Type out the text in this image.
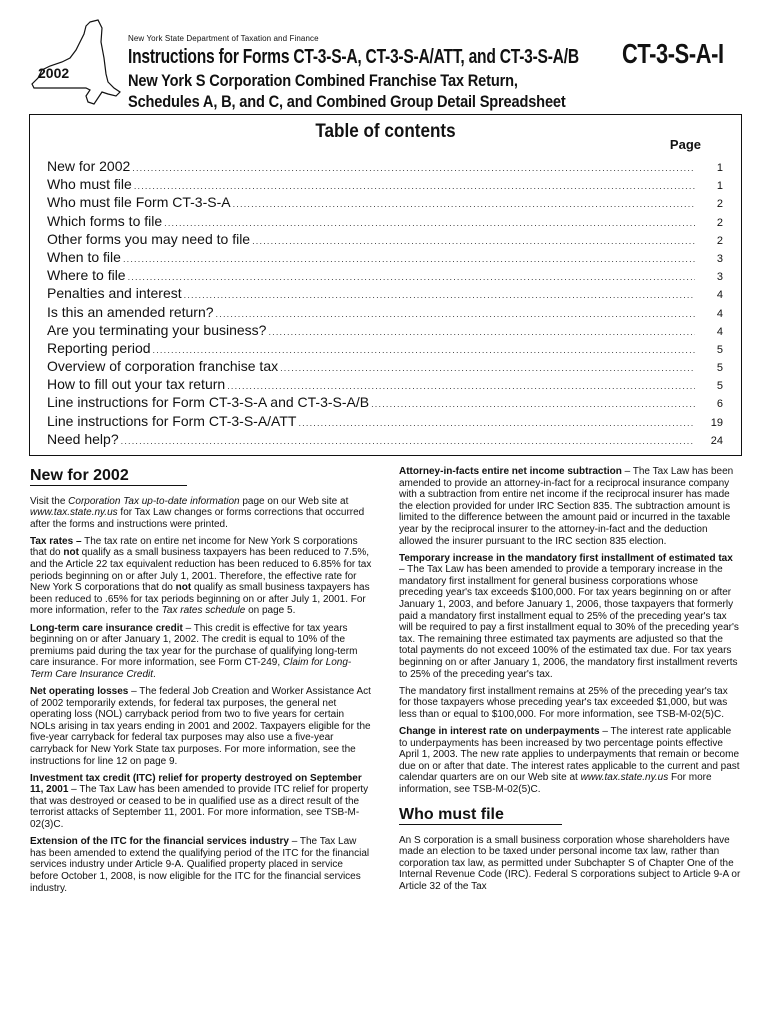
2002
New York State Department of Taxation and Finance	CT-3-S-A-I
Instructions for Forms CT-3-S-A, CT-3-S-A/ATT, and CT-3-S-A/B
New York S Corporation Combined Franchise Tax Return,
Schedules A, B, and C, and Combined Group Detail Spreadsheet
Table of contents
Page
New for 2002 .....	1
Who must file .....	1
Who must file Form CT-3-S-A .....	2
Which forms to file .....	2
Other forms you may need to file .....	2
When to file .....	3
Where to file .....	3
Penalties and interest .....	4
Is this an amended return? .....	4
Are you terminating your business? .....	4
Reporting period .....	5
Overview of corporation franchise tax .....	5
How to fill out your tax return .....	5
Line instructions for Form CT-3-S-A and CT-3-S-A/B .....	6
Line instructions for Form CT-3-S-A/ATT .....	19
Need help? .....	24
New for 2002

Visit the Corporation Tax up-to-date information page on our Web site at www.tax.state.ny.us for Tax Law changes or forms corrections that occurred after the forms and instructions were printed.

Tax rates – The tax rate on entire net income for New York S corporations that do not qualify as a small business taxpayers has been reduced to 7.5%, and the Article 22 tax equivalent reduction has been reduced to 6.85% for tax periods beginning on or after July 1, 2001. Therefore, the effective rate for New York S corporations that do not qualify as small business taxpayers has been reduced to .65% for tax periods beginning on or after July 1, 2001. For more information, refer to the Tax rates schedule on page 5.

Long-term care insurance credit – This credit is effective for tax years beginning on or after January 1, 2002. The credit is equal to 10% of the premiums paid during the tax year for the purchase of qualifying long-term care insurance. For more information, see Form CT-249, Claim for Long-Term Care Insurance Credit.

Net operating losses – The federal Job Creation and Worker Assistance Act of 2002 temporarily extends, for federal tax purposes, the general net operating loss (NOL) carryback period from two to five years for certain NOLs arising in tax years ending in 2001 and 2002. Taxpayers eligible for the five-year carryback for federal tax purposes may also use a five-year carryback for New York State tax purposes. For more information, see the instructions for line 12 on page 9.

Investment tax credit (ITC) relief for property destroyed on September 11, 2001 – The Tax Law has been amended to provide ITC relief for property that was destroyed or ceased to be in qualified use as a direct result of the terrorist attacks of September 11, 2001. For more information, see TSB-M-02(3)C.

Extension of the ITC for the financial services industry – The Tax Law has been amended to extend the qualifying period of the ITC for the financial services industry under Article 9-A. Qualified property placed in service before October 1, 2008, is now eligible for the ITC for the financial services industry.

Attorney-in-facts entire net income subtraction – The Tax Law has been amended to provide an attorney-in-fact for a reciprocal insurance company with a subtraction from entire net income if the reciprocal insurer has made the election provided for under IRC Section 835. The subtraction amount is limited to the difference between the amount paid or incurred in the taxable year by the reciprocal insurer to the attorney-in-fact and the deduction allowed the insurer pursuant to the IRC section 835 election.

Temporary increase in the mandatory first installment of estimated tax – The Tax Law has been amended to provide a temporary increase in the mandatory first installment for general business corporations whose preceding year's tax exceeds $100,000. For tax years beginning on or after January 1, 2003, and before January 1, 2006, those taxpayers that formerly paid a mandatory first installment equal to 25% of the preceding year's tax will be required to pay a first installment equal to 30% of the preceding year's tax. The remaining three estimated tax payments are adjusted so that the total payments do not exceed 100% of the estimated tax due. For tax years beginning on or after January 1, 2006, the mandatory first installment reverts to 25% of the preceding year's tax.

The mandatory first installment remains at 25% of the preceding year's tax for those taxpayers whose preceding year's tax exceeded $1,000, but was less than or equal to $100,000. For more information, see TSB-M-02(5)C.

Change in interest rate on underpayments – The interest rate applicable to underpayments has been increased by two percentage points effective April 1, 2003. The new rate applies to underpayments that remain or become due on or after that date. The interest rates applicable to the current and past calendar quarters are on our Web site at www.tax.state.ny.us For more information, see TSB-M-02(5)C.

Who must file

An S corporation is a small business corporation whose shareholders have made an election to be taxed under personal income tax law, rather than corporation tax law, as permitted under Subchapter S of Chapter One of the Internal Revenue Code (IRC). Federal S corporations subject to Article 9-A or Article 32 of the Tax
